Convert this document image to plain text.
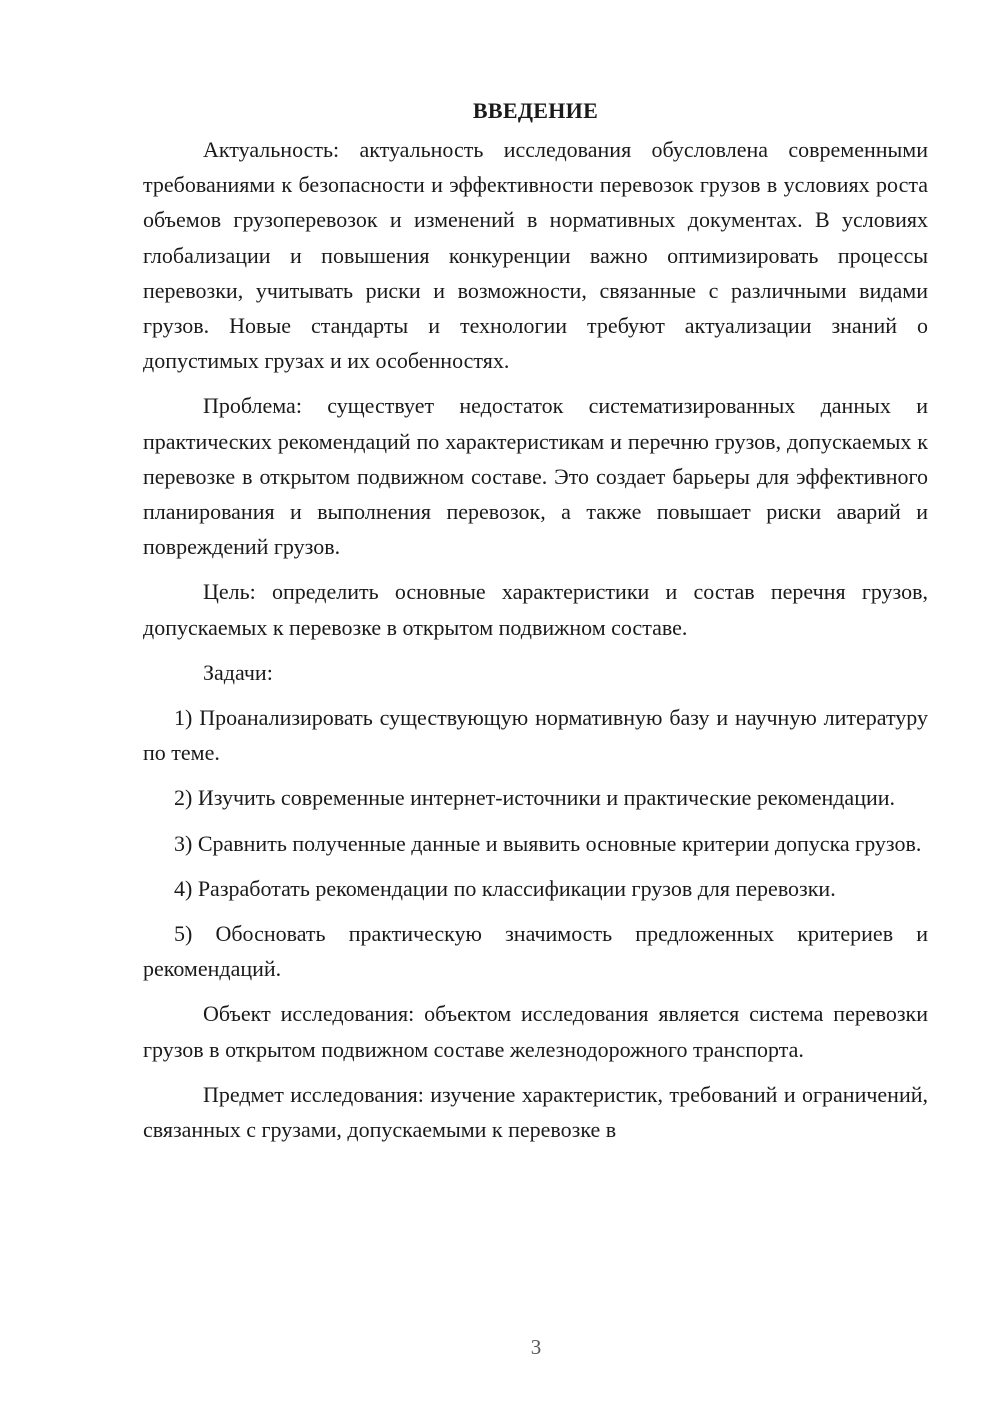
ВВЕДЕНИЕ

Актуальность: актуальность исследования обусловлена современными требованиями к безопасности и эффективности перевозок грузов в условиях роста объемов грузоперевозок и изменений в нормативных документах. В условиях глобализации и повышения конкуренции важно оптимизировать процессы перевозки, учитывать риски и возможности, связанные с различными видами грузов. Новые стандарты и технологии требуют актуализации знаний о допустимых грузах и их особенностях.

Проблема: существует недостаток систематизированных данных и практических рекомендаций по характеристикам и перечню грузов, допускаемых к перевозке в открытом подвижном составе. Это создает барьеры для эффективного планирования и выполнения перевозок, а также повышает риски аварий и повреждений грузов.

Цель: определить основные характеристики и состав перечня грузов, допускаемых к перевозке в открытом подвижном составе.

Задачи:

1) Проанализировать существующую нормативную базу и научную литературу по теме.

2) Изучить современные интернет-источники и практические рекомендации.

3) Сравнить полученные данные и выявить основные критерии допуска грузов.

4) Разработать рекомендации по классификации грузов для перевозки.

5) Обосновать практическую значимость предложенных критериев и рекомендаций.

Объект исследования: объектом исследования является система перевозки грузов в открытом подвижном составе железнодорожного транспорта.

Предмет исследования: изучение характеристик, требований и ограничений, связанных с грузами, допускаемыми к перевозке в

3
